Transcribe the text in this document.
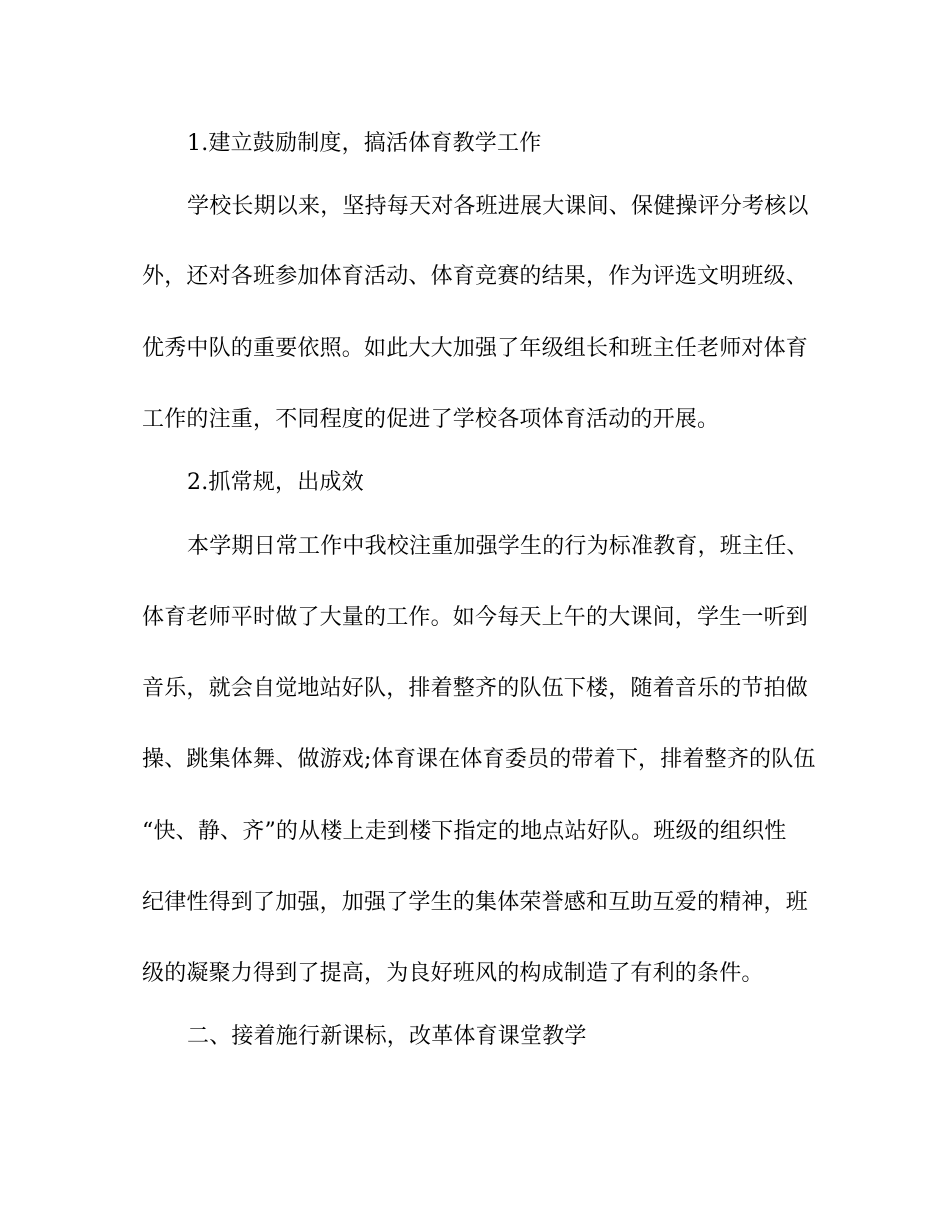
1.建立鼓励制度，搞活体育教学工作
学校长期以来，坚持每天对各班进展大课间、保健操评分考核以
外，还对各班参加体育活动、体育竞赛的结果，作为评选文明班级、
优秀中队的重要依照。如此大大加强了年级组长和班主任老师对体育
工作的注重，不同程度的促进了学校各项体育活动的开展。
2.抓常规，出成效
本学期日常工作中我校注重加强学生的行为标准教育，班主任、
体育老师平时做了大量的工作。如今每天上午的大课间，学生一听到
音乐，就会自觉地站好队，排着整齐的队伍下楼，随着音乐的节拍做
操、跳集体舞、做游戏;体育课在体育委员的带着下，排着整齐的队伍
“快、静、齐”的从楼上走到楼下指定的地点站好队。班级的组织性
纪律性得到了加强，加强了学生的集体荣誉感和互助互爱的精神，班
级的凝聚力得到了提高，为良好班风的构成制造了有利的条件。
二、接着施行新课标，改革体育课堂教学
